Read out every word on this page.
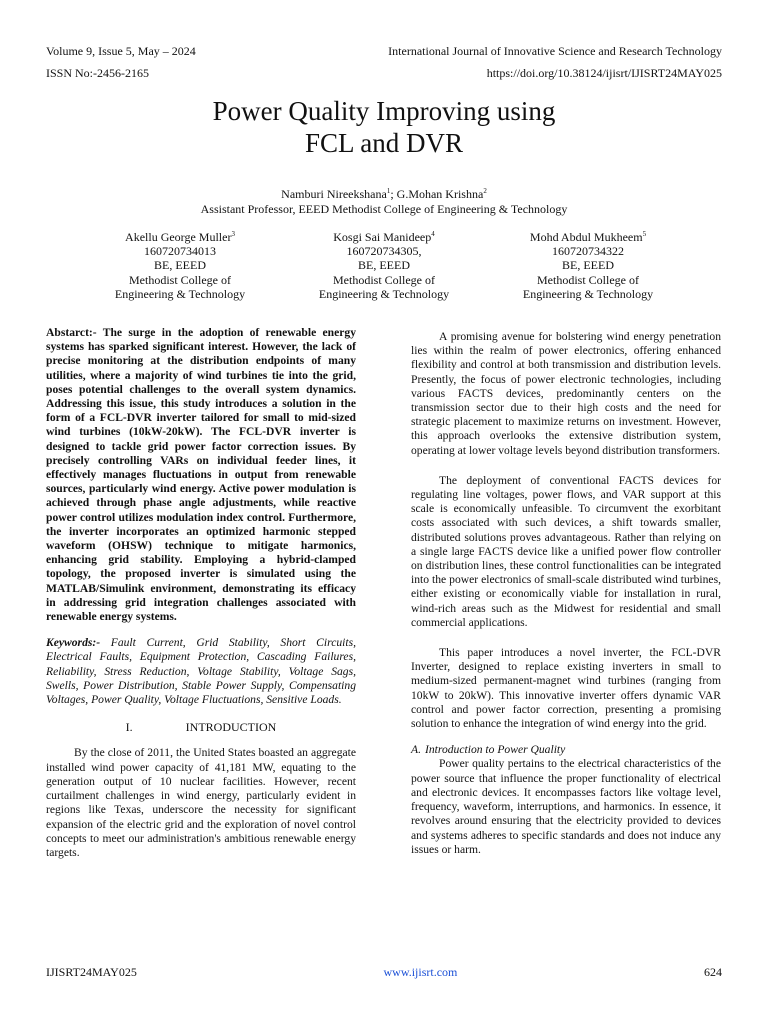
Volume 9, Issue 5, May – 2024	International Journal of Innovative Science and Research Technology
ISSN No:-2456-2165	https://doi.org/10.38124/ijisrt/IJISRT24MAY025
Power Quality Improving using
FCL and DVR
Namburi Nireekshana$^1$; G.Mohan Krishna$^2$
Assistant Professor, EEED Methodist College of Engineering & Technology
Akellu George Muller$^3$
160720734013
BE, EEED
Methodist College of
Engineering & Technology
Kosgi Sai Manideep$^4$
160720734305,
BE, EEED
Methodist College of
Engineering & Technology
Mohd Abdul Mukheem$^5$
160720734322
BE, EEED
Methodist College of
Engineering & Technology

Abstarct:- The surge in the adoption of renewable energy systems has sparked significant interest. However, the lack of precise monitoring at the distribution endpoints of many utilities, where a majority of wind turbines tie into the grid, poses potential challenges to the overall system dynamics. Addressing this issue, this study introduces a solution in the form of a FCL-DVR inverter tailored for small to mid-sized wind turbines (10kW-20kW). The FCL-DVR inverter is designed to tackle grid power factor correction issues. By precisely controlling VARs on individual feeder lines, it effectively manages fluctuations in output from renewable sources, particularly wind energy. Active power modulation is achieved through phase angle adjustments, while reactive power control utilizes modulation index control. Furthermore, the inverter incorporates an optimized harmonic stepped waveform (OHSW) technique to mitigate harmonics, enhancing grid stability. Employing a hybrid-clamped topology, the proposed inverter is simulated using the MATLAB/Simulink environment, demonstrating its efficacy in addressing grid integration challenges associated with renewable energy systems.

Keywords:- Fault Current, Grid Stability, Short Circuits, Electrical Faults, Equipment Protection, Cascading Failures, Reliability, Stress Reduction, Voltage Stability, Voltage Sags, Swells, Power Distribution, Stable Power Supply, Compensating Voltages, Power Quality, Voltage Fluctuations, Sensitive Loads.

I.	INTRODUCTION

By the close of 2011, the United States boasted an aggregate installed wind power capacity of 41,181 MW, equating to the generation output of 10 nuclear facilities. However, recent curtailment challenges in wind energy, particularly evident in regions like Texas, underscore the necessity for significant expansion of the electric grid and the exploration of novel control concepts to meet our administration's ambitious renewable energy targets.

A promising avenue for bolstering wind energy penetration lies within the realm of power electronics, offering enhanced flexibility and control at both transmission and distribution levels. Presently, the focus of power electronic technologies, including various FACTS devices, predominantly centers on the transmission sector due to their high costs and the need for strategic placement to maximize returns on investment. However, this approach overlooks the extensive distribution system, operating at lower voltage levels beyond distribution transformers.

The deployment of conventional FACTS devices for regulating line voltages, power flows, and VAR support at this scale is economically unfeasible. To circumvent the exorbitant costs associated with such devices, a shift towards smaller, distributed solutions proves advantageous. Rather than relying on a single large FACTS device like a unified power flow controller on distribution lines, these control functionalities can be integrated into the power electronics of small-scale distributed wind turbines, either existing or economically viable for installation in rural, wind-rich areas such as the Midwest for residential and small commercial applications.

This paper introduces a novel inverter, the FCL-DVR Inverter, designed to replace existing inverters in small to medium-sized permanent-magnet wind turbines (ranging from 10kW to 20kW). This innovative inverter offers dynamic VAR control and power factor correction, presenting a promising solution to enhance the integration of wind energy into the grid.

A. Introduction to Power Quality

Power quality pertains to the electrical characteristics of the power source that influence the proper functionality of electrical and electronic devices. It encompasses factors like voltage level, frequency, waveform, interruptions, and harmonics. In essence, it revolves around ensuring that the electricity provided to devices and systems adheres to specific standards and does not induce any issues or harm.

IJISRT24MAY025	www.ijisrt.com	624
